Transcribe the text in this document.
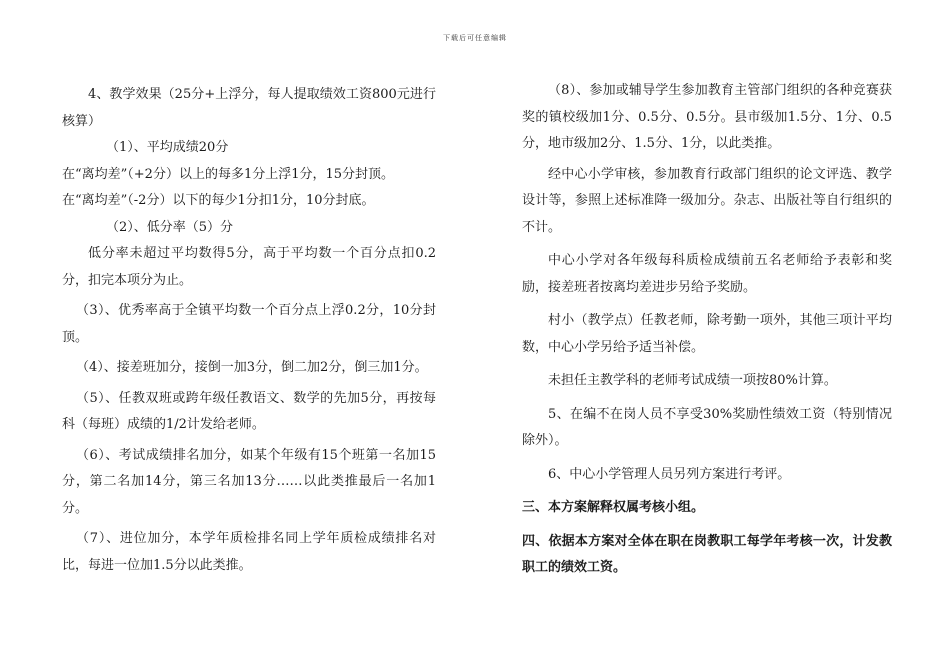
下载后可任意编辑

4、教学效果（25分+上浮分，每人提取绩效工资800元进行核算）

（1）、平均成绩20分

在“离均差”（+2分）以上的每多1分上浮1分，15分封顶。

在“离均差”（-2分）以下的每少1分扣1分，10分封底。

（2）、低分率（5）分

低分率未超过平均数得5分，高于平均数一个百分点扣0.2分，扣完本项分为止。

（3）、优秀率高于全镇平均数一个百分点上浮0.2分，10分封顶。

（4）、接差班加分，接倒一加3分，倒二加2分，倒三加1分。

（5）、任教双班或跨年级任教语文、数学的先加5分，再按每科（每班）成绩的1/2计发给老师。

（6）、考试成绩排名加分，如某个年级有15个班第一名加15分，第二名加14分，第三名加13分……以此类推最后一名加1分。

（7）、进位加分，本学年质检排名同上学年质检成绩排名对比，每进一位加1.5分以此类推。

（8）、参加或辅导学生参加教育主管部门组织的各种竞赛获奖的镇校级加1分、0.5分、0.5分。县市级加1.5分、1分、0.5分，地市级加2分、1.5分、1分，以此类推。

经中心小学审核，参加教育行政部门组织的论文评选、教学设计等，参照上述标准降一级加分。杂志、出版社等自行组织的不计。

中心小学对各年级每科质检成绩前五名老师给予表彰和奖励，接差班者按离均差进步另给予奖励。

村小（教学点）任教老师，除考勤一项外，其他三项计平均数，中心小学另给予适当补偿。

未担任主教学科的老师考试成绩一项按80%计算。

5、在编不在岗人员不享受30%奖励性绩效工资（特别情况除外）。

6、中心小学管理人员另列方案进行考评。

三、本方案解释权属考核小组。

四、依据本方案对全体在职在岗教职工每学年考核一次，计发教职工的绩效工资。
